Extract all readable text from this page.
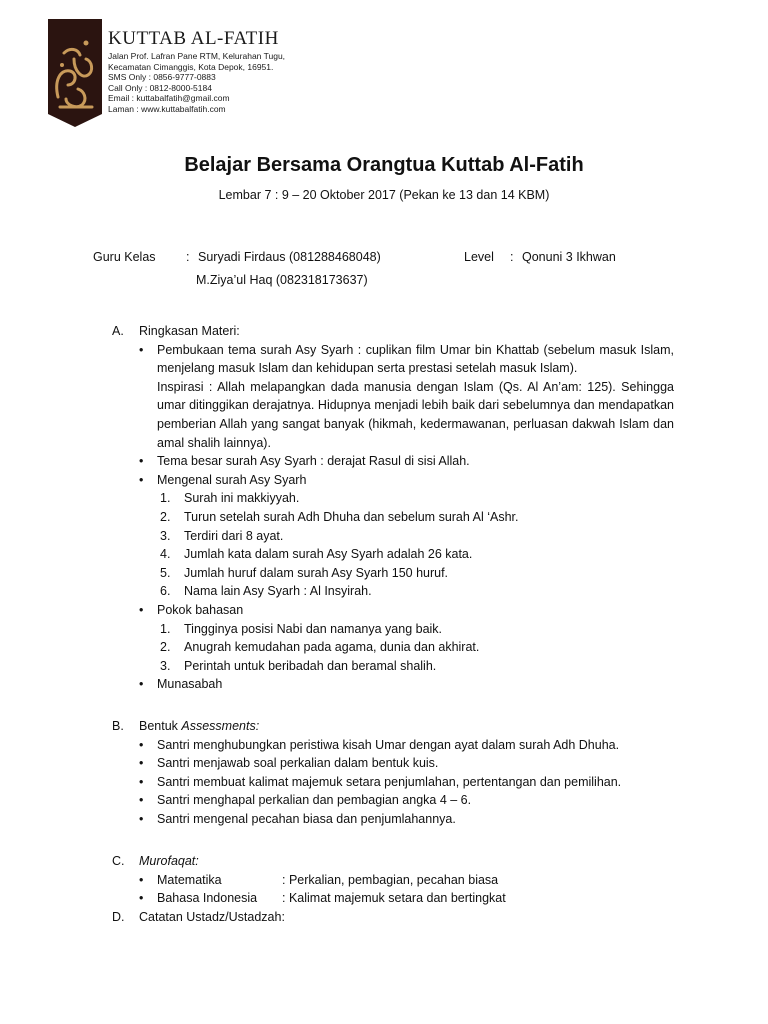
KUTTAB AL-FATIH
Jalan Prof. Lafran Pane RTM, Kelurahan Tugu,
Kecamatan Cimanggis, Kota Depok, 16951.
SMS Only : 0856-9777-0883
Call Only : 0812-8000-5184
Email : kuttabalfatih@gmail.com
Laman : www.kuttabalfatih.com
Belajar Bersama Orangtua Kuttab Al-Fatih
Lembar 7 : 9 – 20 Oktober 2017 (Pekan ke 13 dan 14 KBM)
Guru Kelas : Suryadi Firdaus (081288468048)
M.Ziya’ul Haq (082318173637)
Level : Qonuni 3 Ikhwan
A.	Ringkasan Materi:
•	Pembukaan tema surah Asy Syarh : cuplikan film Umar bin Khattab (sebelum masuk Islam, menjelang masuk Islam dan kehidupan serta prestasi setelah masuk Islam).
Inspirasi : Allah melapangkan dada manusia dengan Islam (Qs. Al An’am: 125). Sehingga umar ditinggikan derajatnya. Hidupnya menjadi lebih baik dari sebelumnya dan mendapatkan pemberian Allah yang sangat banyak (hikmah, kedermawanan, perluasan dakwah Islam dan amal shalih lainnya).
•	Tema besar surah Asy Syarh : derajat Rasul di sisi Allah.
•	Mengenal surah Asy Syarh
1.	Surah ini makkiyyah.
2.	Turun setelah surah Adh Dhuha dan sebelum surah Al ‘Ashr.
3.	Terdiri dari 8 ayat.
4.	Jumlah kata dalam surah Asy Syarh adalah 26 kata.
5.	Jumlah huruf dalam surah Asy Syarh 150 huruf.
6.	Nama lain Asy Syarh : Al Insyirah.
•	Pokok bahasan
1.	Tingginya posisi Nabi dan namanya yang baik.
2.	Anugrah kemudahan pada agama, dunia dan akhirat.
3.	Perintah untuk beribadah dan beramal shalih.
•	Munasabah
B.	Bentuk Assessments:
•	Santri menghubungkan peristiwa kisah Umar dengan ayat dalam surah Adh Dhuha.
•	Santri menjawab soal perkalian dalam bentuk kuis.
•	Santri membuat kalimat majemuk setara penjumlahan, pertentangan dan pemilihan.
•	Santri menghapal perkalian dan pembagian angka 4 – 6.
•	Santri mengenal pecahan biasa dan penjumlahannya.
C.	Murofaqat:
•	Matematika	: Perkalian, pembagian, pecahan biasa
•	Bahasa Indonesia	: Kalimat majemuk setara dan bertingkat
D.	Catatan Ustadz/Ustadzah:
